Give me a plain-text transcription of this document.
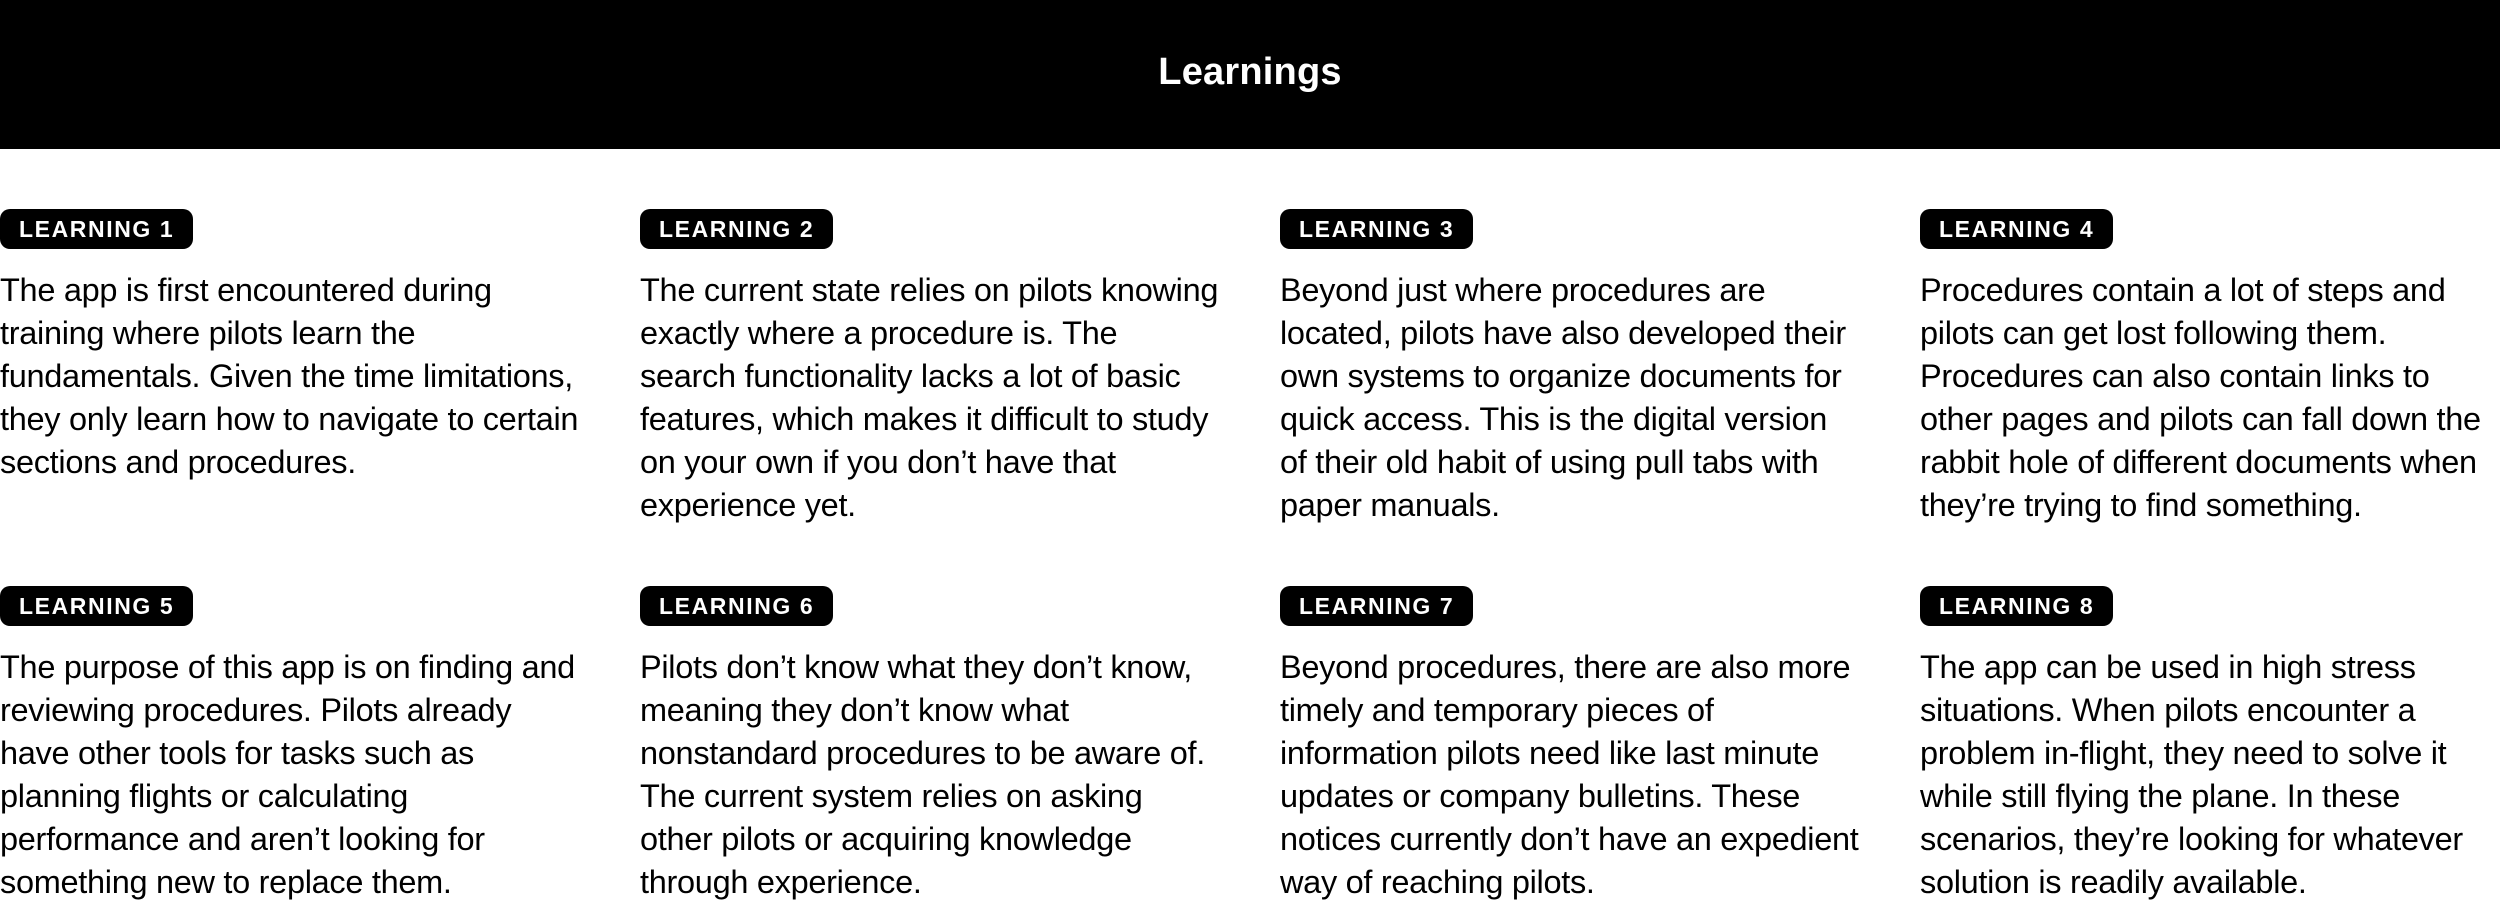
Learnings
LEARNING 1

The app is first encountered during training where pilots learn the fundamentals. Given the time limitations, they only learn how to navigate to certain sections and procedures.

LEARNING 2

The current state relies on pilots knowing exactly where a procedure is. The search functionality lacks a lot of basic features, which makes it difficult to study on your own if you don’t have that experience yet.

LEARNING 3

Beyond just where procedures are located, pilots have also developed their own systems to organize documents for quick access. This is the digital version of their old habit of using pull tabs with paper manuals.

LEARNING 4

Procedures contain a lot of steps and pilots can get lost following them. Procedures can also contain links to other pages and pilots can fall down the rabbit hole of different documents when they’re trying to find something.

LEARNING 5

The purpose of this app is on finding and reviewing procedures. Pilots already have other tools for tasks such as planning flights or calculating performance and aren’t looking for something new to replace them.

LEARNING 6

Pilots don’t know what they don’t know, meaning they don’t know what nonstandard procedures to be aware of. The current system relies on asking other pilots or acquiring knowledge through experience.

LEARNING 7

Beyond procedures, there are also more timely and temporary pieces of information pilots need like last minute updates or company bulletins. These notices currently don’t have an expedient way of reaching pilots.

LEARNING 8

The app can be used in high stress situations. When pilots encounter a problem in-flight, they need to solve it while still flying the plane. In these scenarios, they’re looking for whatever solution is readily available.
